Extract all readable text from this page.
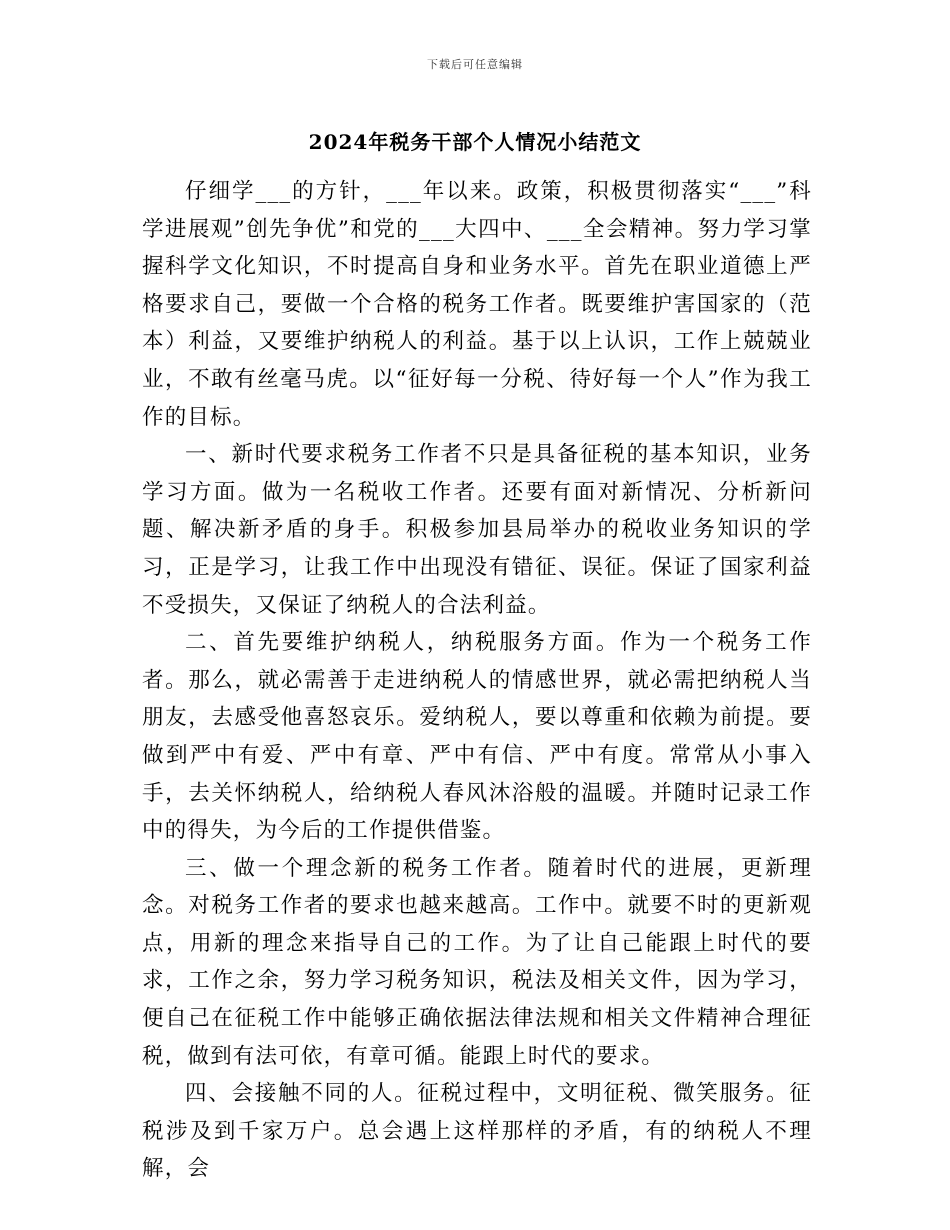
下载后可任意编辑
2024年税务干部个人情况小结范文

仔细学___的方针，___年以来。政策，积极贯彻落实“___”科学进展观”创先争优”和党的___大四中、___全会精神。努力学习掌握科学文化知识，不时提高自身和业务水平。首先在职业道德上严格要求自己，要做一个合格的税务工作者。既要维护害国家的（范本）利益，又要维护纳税人的利益。基于以上认识，工作上兢兢业业，不敢有丝毫马虎。以“征好每一分税、待好每一个人”作为我工作的目标。

一、新时代要求税务工作者不只是具备征税的基本知识，业务学习方面。做为一名税收工作者。还要有面对新情况、分析新问题、解决新矛盾的身手。积极参加县局举办的税收业务知识的学习，正是学习，让我工作中出现没有错征、误征。保证了国家利益不受损失，又保证了纳税人的合法利益。

二、首先要维护纳税人，纳税服务方面。作为一个税务工作者。那么，就必需善于走进纳税人的情感世界，就必需把纳税人当朋友，去感受他喜怒哀乐。爱纳税人，要以尊重和依赖为前提。要做到严中有爱、严中有章、严中有信、严中有度。常常从小事入手，去关怀纳税人，给纳税人春风沐浴般的温暖。并随时记录工作中的得失，为今后的工作提供借鉴。

三、做一个理念新的税务工作者。随着时代的进展，更新理念。对税务工作者的要求也越来越高。工作中。就要不时的更新观点，用新的理念来指导自己的工作。为了让自己能跟上时代的要求，工作之余，努力学习税务知识，税法及相关文件，因为学习，便自己在征税工作中能够正确依据法律法规和相关文件精神合理征税，做到有法可依，有章可循。能跟上时代的要求。

四、会接触不同的人。征税过程中，文明征税、微笑服务。征税涉及到千家万户。总会遇上这样那样的矛盾，有的纳税人不理解，会
